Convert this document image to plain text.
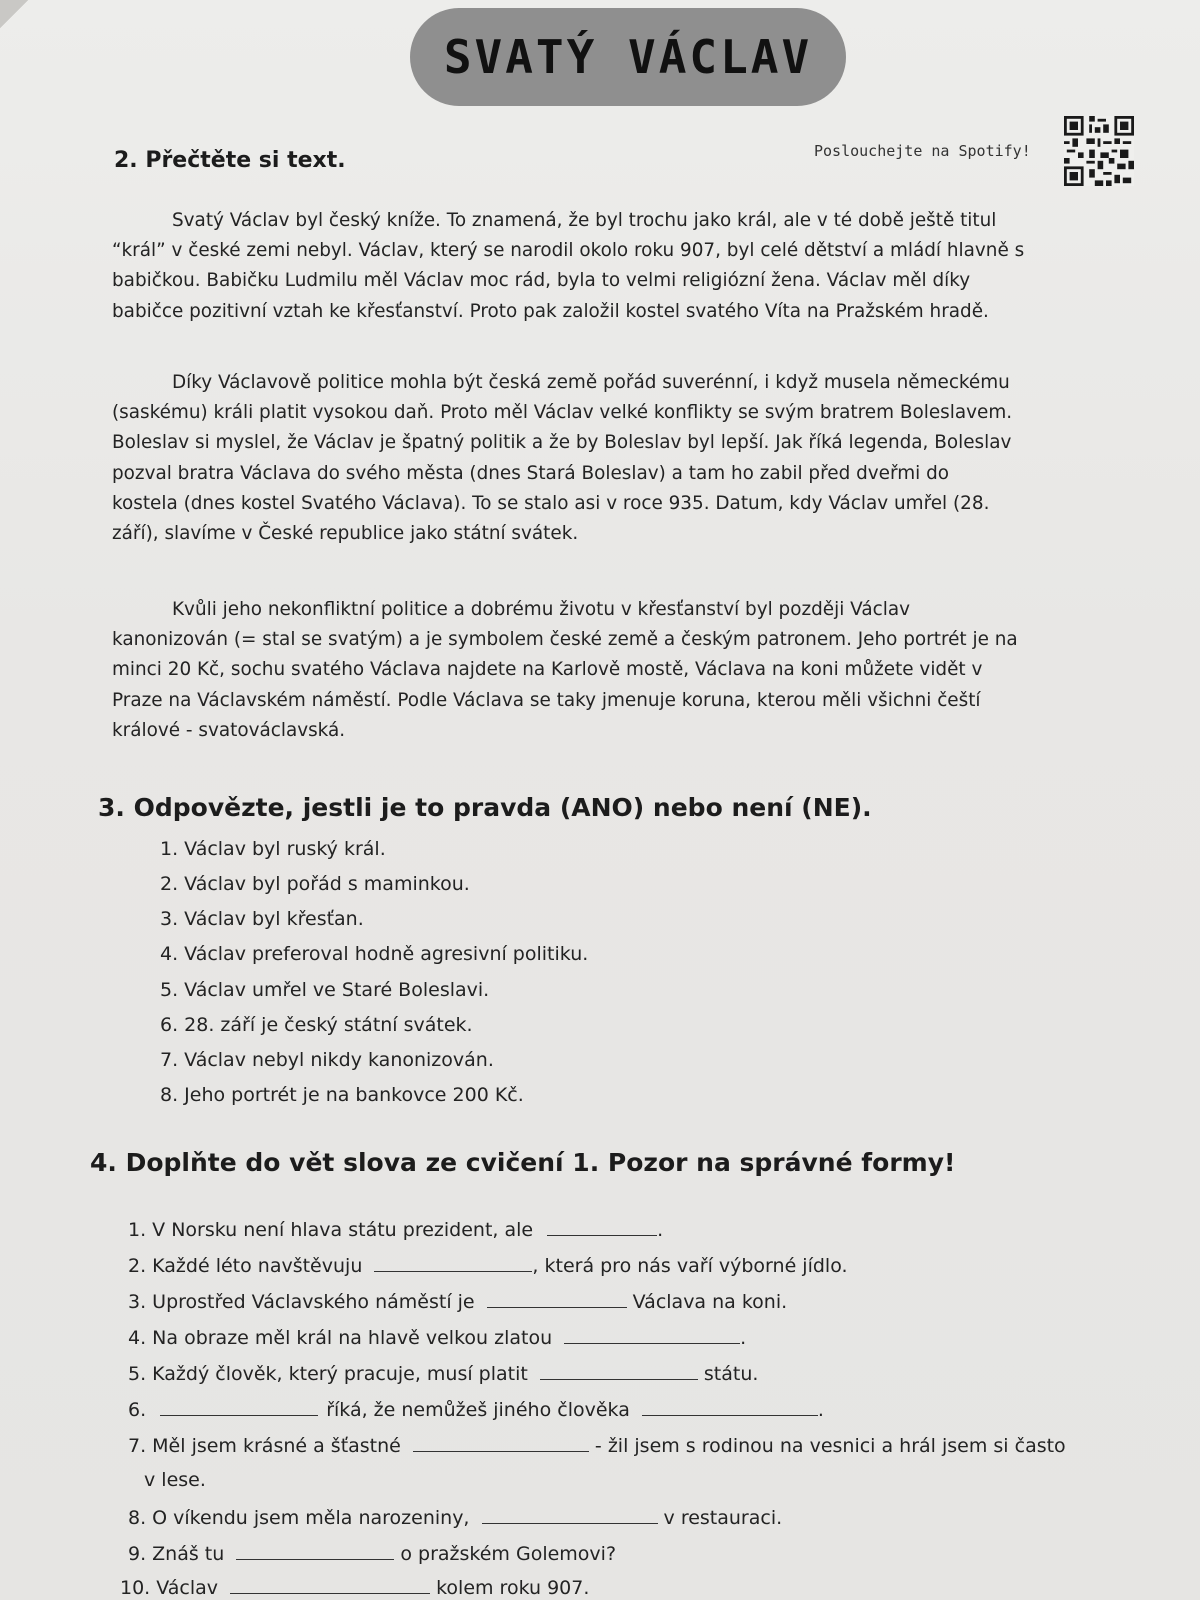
SVATÝ VÁCLAV
2. Přečtěte si text.	Poslouchejte na Spotify!
Svatý Václav byl český kníže. To znamená, že byl trochu jako král, ale v té době ještě titul
“král” v české zemi nebyl. Václav, který se narodil okolo roku 907, byl celé dětství a mládí hlavně s
babičkou. Babičku Ludmilu měl Václav moc rád, byla to velmi religiózní žena. Václav měl díky
babičce pozitivní vztah ke křesťanství. Proto pak založil kostel svatého Víta na Pražském hradě.
Díky Václavově politice mohla být česká země pořád suverénní, i když musela německému
(saskému) králi platit vysokou daň. Proto měl Václav velké konflikty se svým bratrem Boleslavem.
Boleslav si myslel, že Václav je špatný politik a že by Boleslav byl lepší. Jak říká legenda, Boleslav
pozval bratra Václava do svého města (dnes Stará Boleslav) a tam ho zabil před dveřmi do
kostela (dnes kostel Svatého Václava). To se stalo asi v roce 935. Datum, kdy Václav umřel (28.
září), slavíme v České republice jako státní svátek.
Kvůli jeho nekonfliktní politice a dobrému životu v křesťanství byl později Václav
kanonizován (= stal se svatým) a je symbolem české země a českým patronem. Jeho portrét je na
minci 20 Kč, sochu svatého Václava najdete na Karlově mostě, Václava na koni můžete vidět v
Praze na Václavském náměstí. Podle Václava se taky jmenuje koruna, kterou měli všichni čeští
králové - svatováclavská.
3. Odpovězte, jestli je to pravda (ANO) nebo není (NE).
1. Václav byl ruský král.
2. Václav byl pořád s maminkou.
3. Václav byl křesťan.
4. Václav preferoval hodně agresivní politiku.
5. Václav umřel ve Staré Boleslavi.
6. 28. září je český státní svátek.
7. Václav nebyl nikdy kanonizován.
8. Jeho portrét je na bankovce 200 Kč.
4. Doplňte do vět slova ze cvičení 1. Pozor na správné formy!
1. V Norsku není hlava státu prezident, ale	.
2. Každé léto navštěvuju	, která pro nás vaří výborné jídlo.
3. Uprostřed Václavského náměstí je	Václava na koni.
4. Na obraze měl král na hlavě velkou zlatou	.
5. Každý člověk, který pracuje, musí platit	státu.
6.	říká, že nemůžeš jiného člověka	.
7. Měl jsem krásné a šťastné	- žil jsem s rodinou na vesnici a hrál jsem si často
v lese.
8. O víkendu jsem měla narozeniny,	v restauraci.
9. Znáš tu	o pražském Golemovi?
10. Václav	kolem roku 907.
